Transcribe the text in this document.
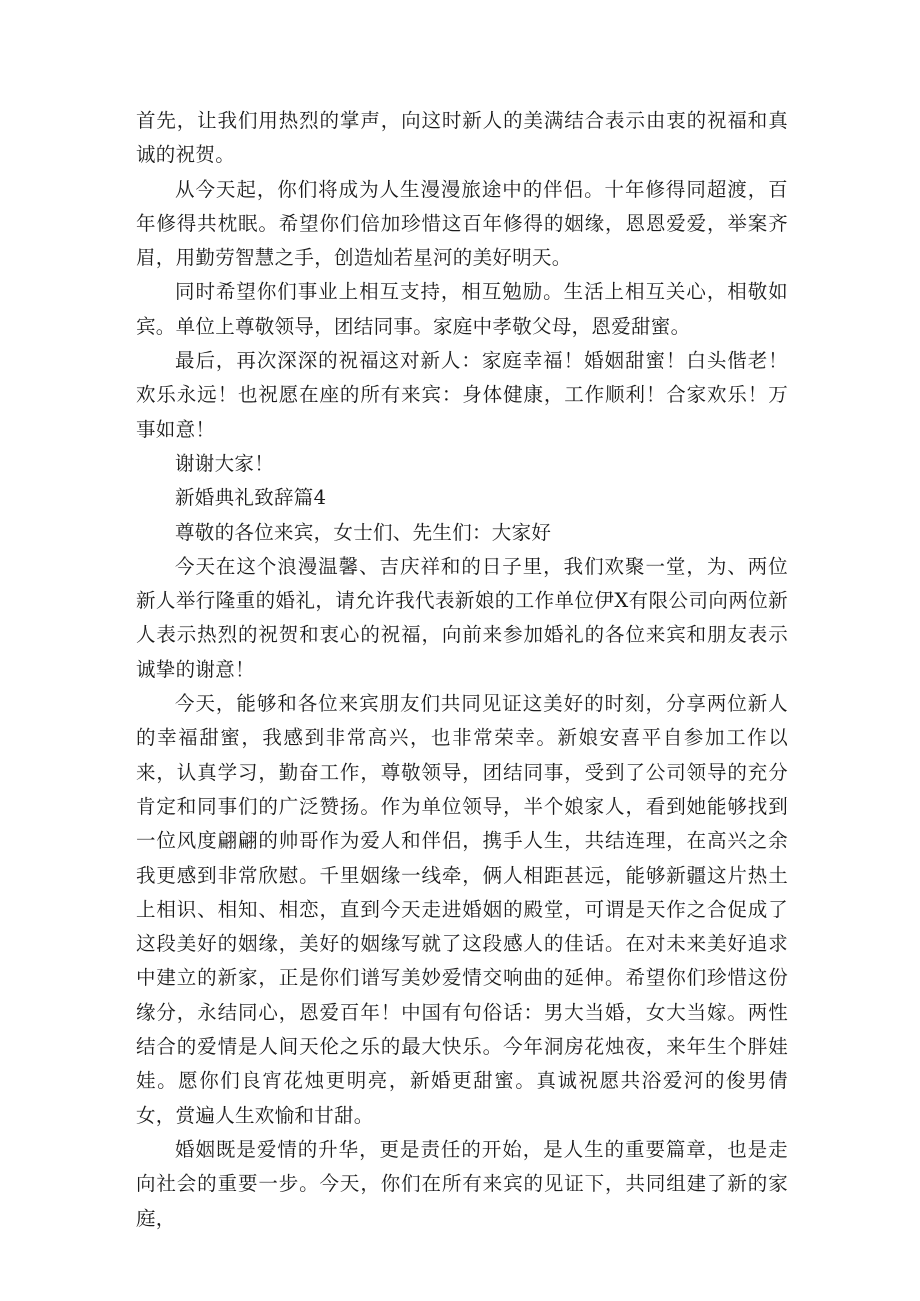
首先，让我们用热烈的掌声，向这时新人的美满结合表示由衷的祝福和真诚的祝贺。

从今天起，你们将成为人生漫漫旅途中的伴侣。十年修得同超渡，百年修得共枕眠。希望你们倍加珍惜这百年修得的姻缘，恩恩爱爱，举案齐眉，用勤劳智慧之手，创造灿若星河的美好明天。

同时希望你们事业上相互支持，相互勉励。生活上相互关心，相敬如宾。单位上尊敬领导，团结同事。家庭中孝敬父母，恩爱甜蜜。

最后，再次深深的祝福这对新人：家庭幸福！婚姻甜蜜！白头偕老！欢乐永远！也祝愿在座的所有来宾：身体健康，工作顺利！合家欢乐！万事如意！

谢谢大家！

新婚典礼致辞篇4

尊敬的各位来宾，女士们、先生们：大家好

今天在这个浪漫温馨、吉庆祥和的日子里，我们欢聚一堂，为、两位新人举行隆重的婚礼，请允许我代表新娘的工作单位伊X有限公司向两位新人表示热烈的祝贺和衷心的祝福，向前来参加婚礼的各位来宾和朋友表示诚挚的谢意！

今天，能够和各位来宾朋友们共同见证这美好的时刻，分享两位新人的幸福甜蜜，我感到非常高兴，也非常荣幸。新娘安喜平自参加工作以来，认真学习，勤奋工作，尊敬领导，团结同事，受到了公司领导的充分肯定和同事们的广泛赞扬。作为单位领导，半个娘家人，看到她能够找到一位风度翩翩的帅哥作为爱人和伴侣，携手人生，共结连理，在高兴之余我更感到非常欣慰。千里姻缘一线牵，俩人相距甚远，能够新疆这片热土上相识、相知、相恋，直到今天走进婚姻的殿堂，可谓是天作之合促成了这段美好的姻缘，美好的姻缘写就了这段感人的佳话。在对未来美好追求中建立的新家，正是你们谱写美妙爱情交响曲的延伸。希望你们珍惜这份缘分，永结同心，恩爱百年！中国有句俗话：男大当婚，女大当嫁。两性结合的爱情是人间天伦之乐的最大快乐。今年洞房花烛夜，来年生个胖娃娃。愿你们良宵花烛更明亮，新婚更甜蜜。真诚祝愿共浴爱河的俊男倩女，赏遍人生欢愉和甘甜。

婚姻既是爱情的升华，更是责任的开始，是人生的重要篇章，也是走向社会的重要一步。今天，你们在所有来宾的见证下，共同组建了新的家庭，
